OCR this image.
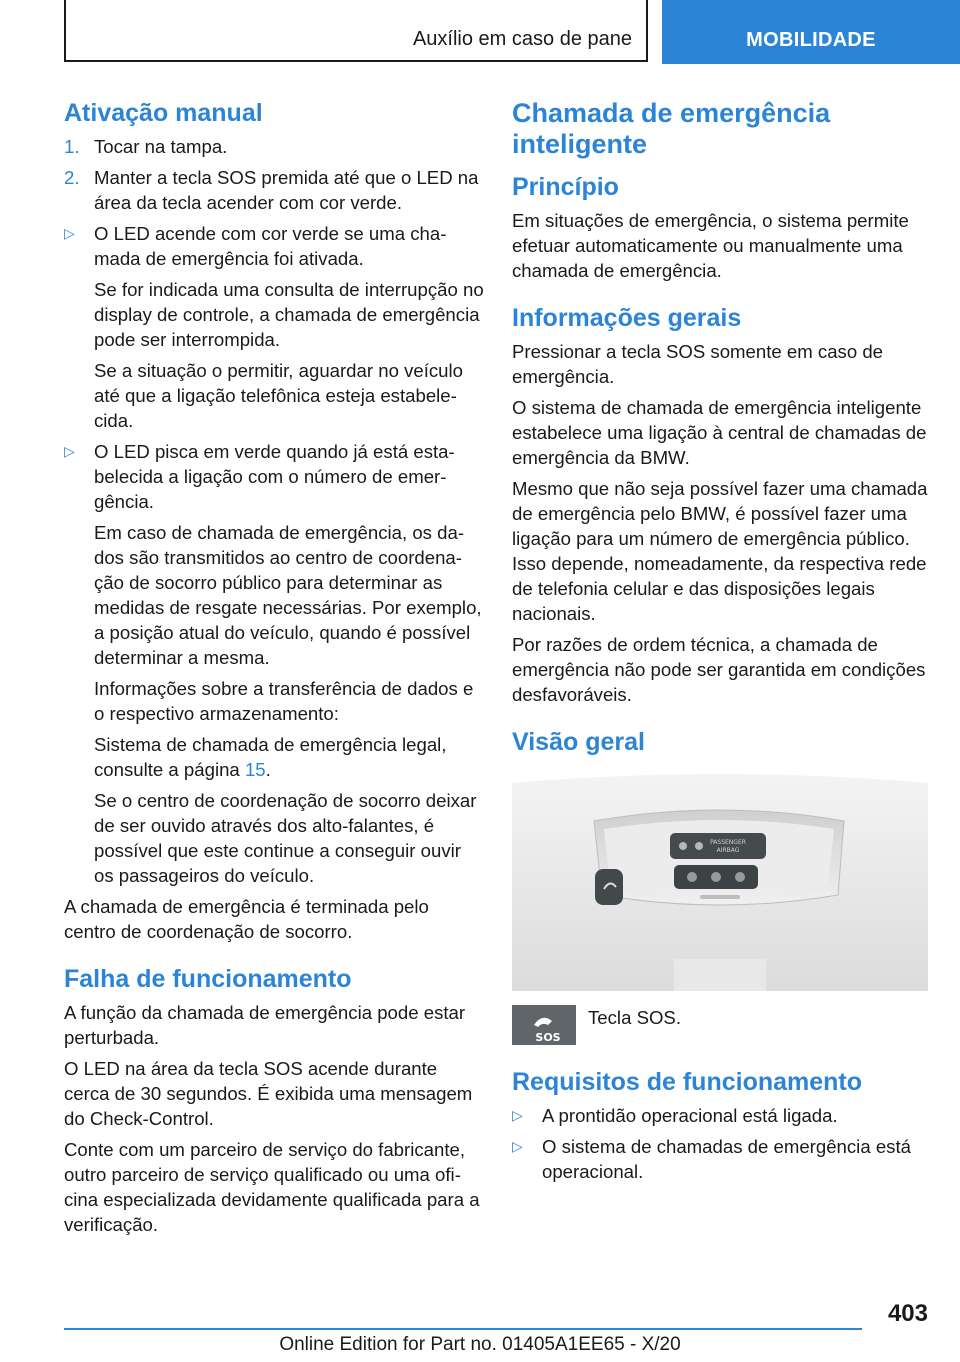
Auxílio em caso de pane	MOBILIDADE
Ativação manual
1. Tocar na tampa.
2. Manter a tecla SOS premida até que o LED na área da tecla acender com cor verde.
▷	O LED acende com cor verde se uma chamada de emergência foi ativada.

Se for indicada uma consulta de interrupção no display de controle, a chamada de emergência pode ser interrompida.

Se a situação o permitir, aguardar no veículo até que a ligação telefônica esteja estabelecida.

▷	O LED pisca em verde quando já está estabelecida a ligação com o número de emergência.

Em caso de chamada de emergência, os dados são transmitidos ao centro de coordenação de socorro público para determinar as medidas de resgate necessárias. Por exemplo, a posição atual do veículo, quando é possível determinar a mesma.

Informações sobre a transferência de dados e o respectivo armazenamento:

Sistema de chamada de emergência legal, consulte a página 15.

Se o centro de coordenação de socorro deixar de ser ouvido através dos alto-falantes, é possível que este continue a conseguir ouvir os passageiros do veículo.

A chamada de emergência é terminada pelo centro de coordenação de socorro.

Falha de funcionamento

A função da chamada de emergência pode estar perturbada.

O LED na área da tecla SOS acende durante cerca de 30 segundos. É exibida uma mensagem do Check-Control.

Conte com um parceiro de serviço do fabricante, outro parceiro de serviço qualificado ou uma oficina especializada devidamente qualificada para a verificação.

Chamada de emergência inteligente
Princípio

Em situações de emergência, o sistema permite efetuar automaticamente ou manualmente uma chamada de emergência.

Informações gerais

Pressionar a tecla SOS somente em caso de emergência.

O sistema de chamada de emergência inteligente estabelece uma ligação à central de chamadas de emergência da BMW.

Mesmo que não seja possível fazer uma chamada de emergência pelo BMW, é possível fazer uma ligação para um número de emergência público. Isso depende, nomeadamente, da respectiva rede de telefonia celular e das disposições legais nacionais.

Por razões de ordem técnica, a chamada de emergência não pode ser garantida em condições desfavoráveis.

Visão geral
PASSENGER
AIRBAG
SOS
Tecla SOS.
Requisitos de funcionamento
▷	A prontidão operacional está ligada.
▷	O sistema de chamadas de emergência está operacional.
403
Online Edition for Part no. 01405A1EE65 - X/20
